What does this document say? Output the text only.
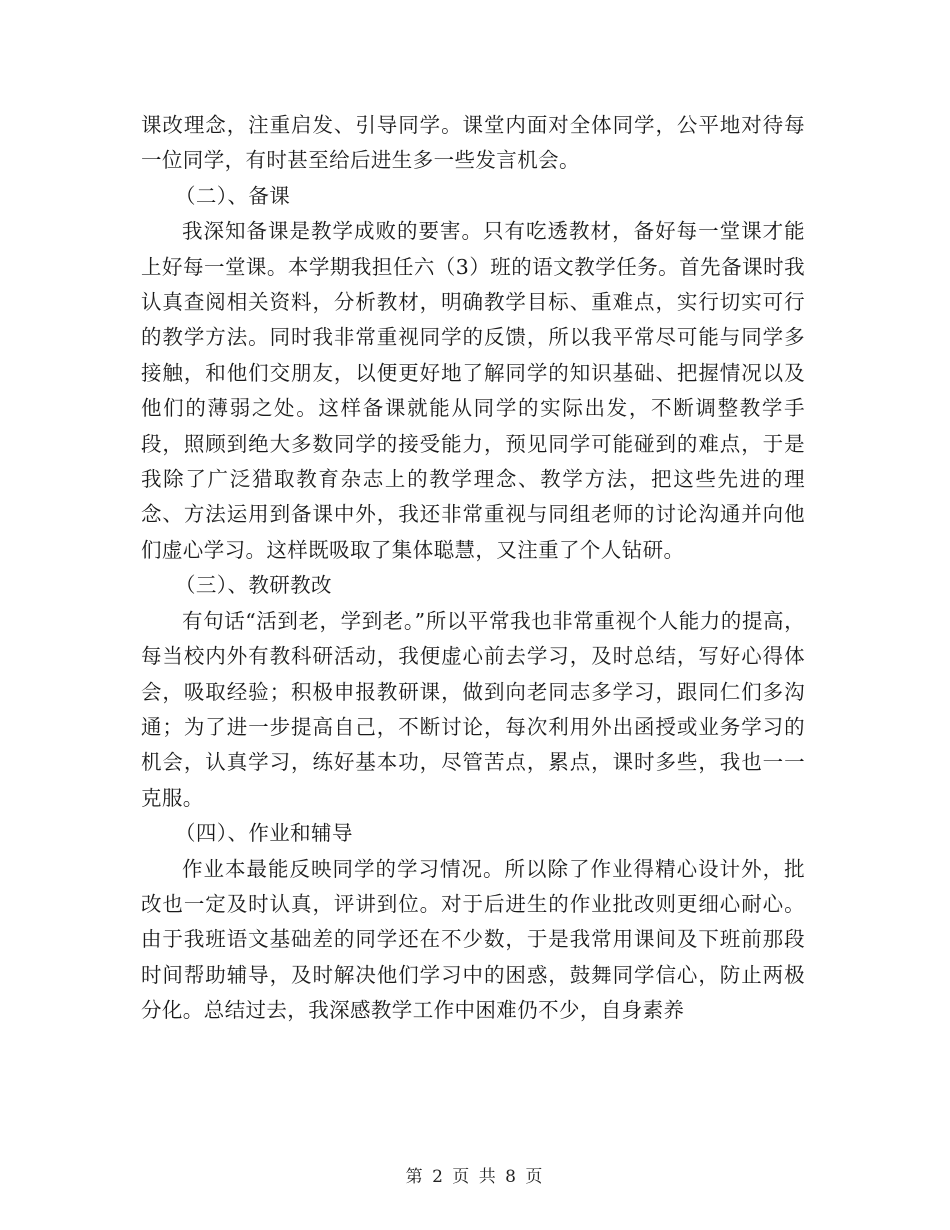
课改理念，注重启发、引导同学。课堂内面对全体同学，公平地对待每一位同学，有时甚至给后进生多一些发言机会。

（二）、备课

我深知备课是教学成败的要害。只有吃透教材，备好每一堂课才能上好每一堂课。本学期我担任六（3）班的语文教学任务。首先备课时我认真查阅相关资料，分析教材，明确教学目标、重难点，实行切实可行的教学方法。同时我非常重视同学的反馈，所以我平常尽可能与同学多接触，和他们交朋友，以便更好地了解同学的知识基础、把握情况以及他们的薄弱之处。这样备课就能从同学的实际出发，不断调整教学手段，照顾到绝大多数同学的接受能力，预见同学可能碰到的难点，于是我除了广泛猎取教育杂志上的教学理念、教学方法，把这些先进的理念、方法运用到备课中外，我还非常重视与同组老师的讨论沟通并向他们虚心学习。这样既吸取了集体聪慧，又注重了个人钻研。

（三）、教研教改

有句话“活到老，学到老。”所以平常我也非常重视个人能力的提高，每当校内外有教科研活动，我便虚心前去学习，及时总结，写好心得体会，吸取经验；积极申报教研课，做到向老同志多学习，跟同仁们多沟通；为了进一步提高自己，不断讨论，每次利用外出函授或业务学习的机会，认真学习，练好基本功，尽管苦点，累点，课时多些，我也一一克服。

（四）、作业和辅导

作业本最能反映同学的学习情况。所以除了作业得精心设计外，批改也一定及时认真，评讲到位。对于后进生的作业批改则更细心耐心。由于我班语文基础差的同学还在不少数，于是我常用课间及下班前那段时间帮助辅导，及时解决他们学习中的困惑，鼓舞同学信心，防止两极分化。总结过去，我深感教学工作中困难仍不少，自身素养

第 2 页 共 8 页
